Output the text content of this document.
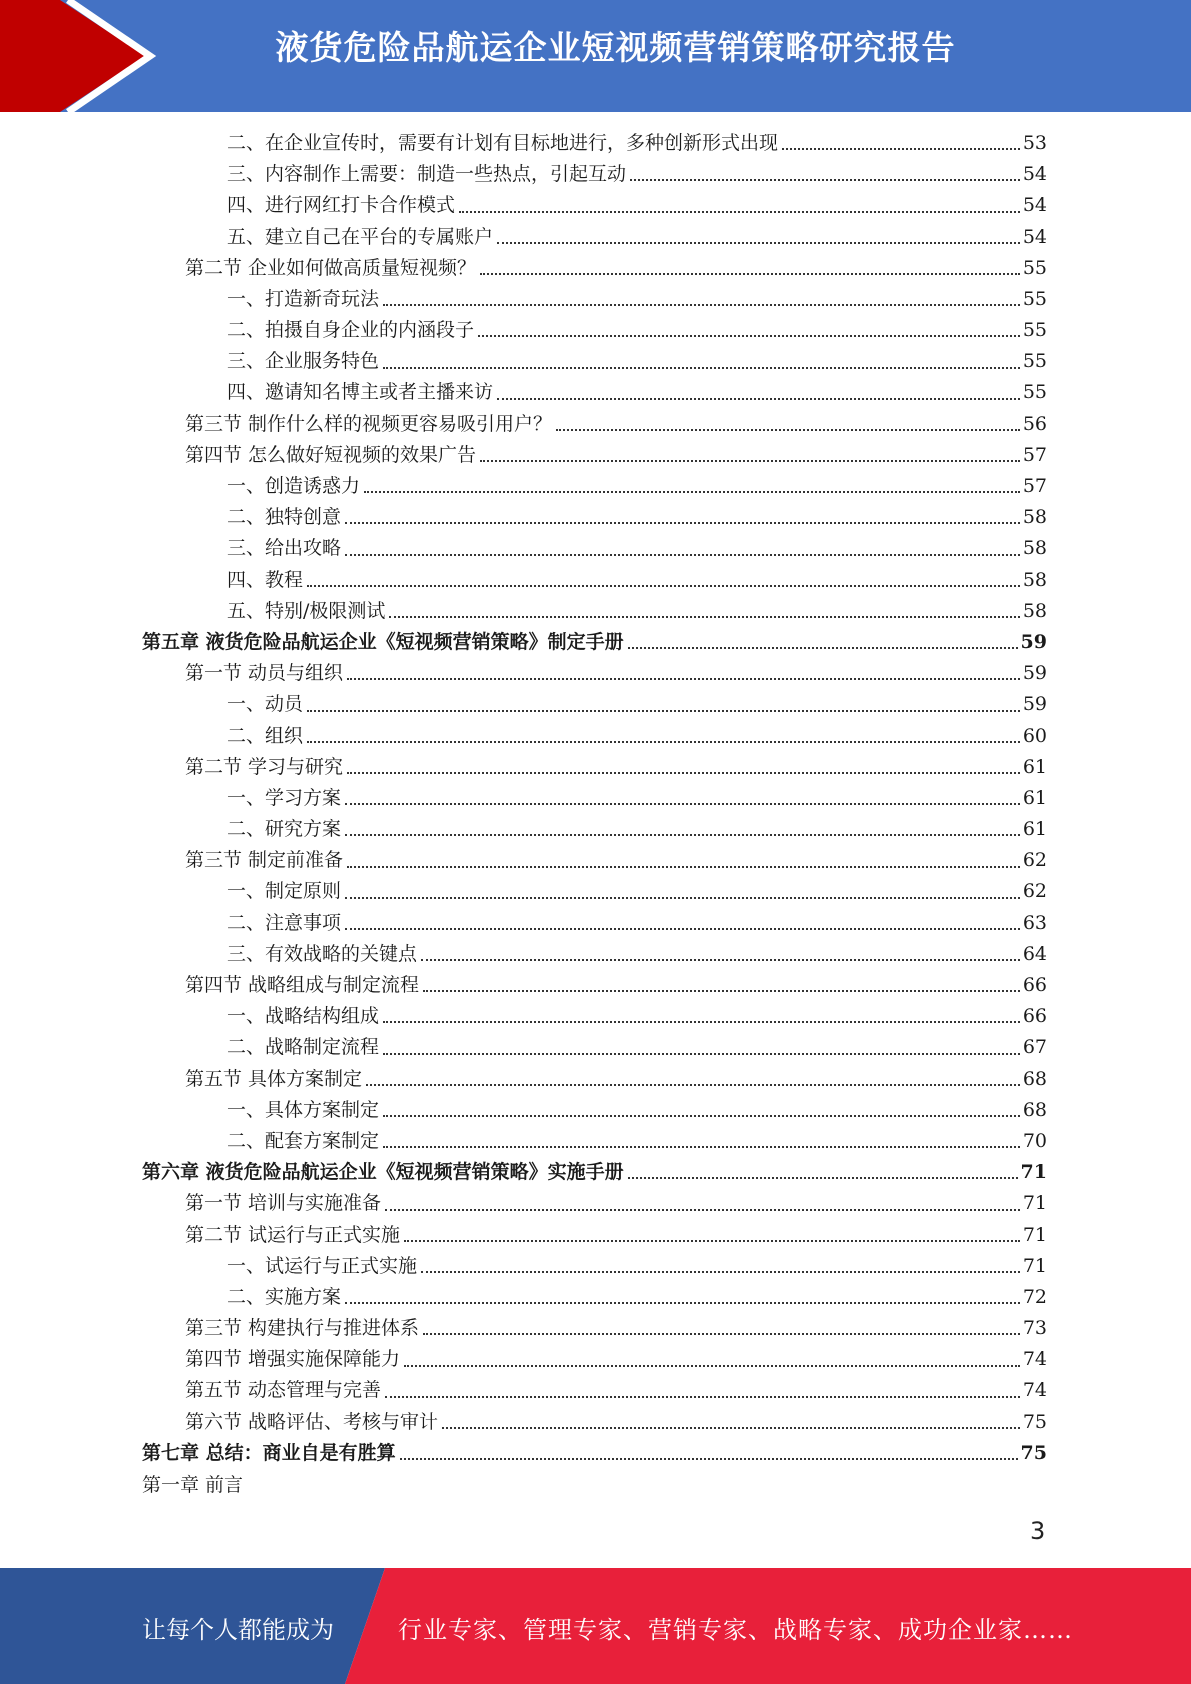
液货危险品航运企业短视频营销策略研究报告
二、在企业宣传时，需要有计划有目标地进行，多种创新形式出现	53
三、内容制作上需要：制造一些热点，引起互动	54
四、进行网红打卡合作模式	54
五、建立自己在平台的专属账户	54
第二节 企业如何做高质量短视频？	55
一、打造新奇玩法	55
二、拍摄自身企业的内涵段子	55
三、企业服务特色	55
四、邀请知名博主或者主播来访	55
第三节 制作什么样的视频更容易吸引用户？	56
第四节 怎么做好短视频的效果广告	57
一、创造诱惑力	57
二、独特创意	58
三、给出攻略	58
四、教程	58
五、特别/极限测试	58
第五章 液货危险品航运企业《短视频营销策略》制定手册	59
第一节 动员与组织	59
一、动员	59
二、组织	60
第二节 学习与研究	61
一、学习方案	61
二、研究方案	61
第三节 制定前准备	62
一、制定原则	62
二、注意事项	63
三、有效战略的关键点	64
第四节 战略组成与制定流程	66
一、战略结构组成	66
二、战略制定流程	67
第五节 具体方案制定	68
一、具体方案制定	68
二、配套方案制定	70
第六章 液货危险品航运企业《短视频营销策略》实施手册	71
第一节 培训与实施准备	71
第二节 试运行与正式实施	71
一、试运行与正式实施	71
二、实施方案	72
第三节 构建执行与推进体系	73
第四节 增强实施保障能力	74
第五节 动态管理与完善	74
第六节 战略评估、考核与审计	75
第七章 总结：商业自是有胜算	75
第一章 前言
3
让每个人都能成为	行业专家、管理专家、营销专家、战略专家、成功企业家……
